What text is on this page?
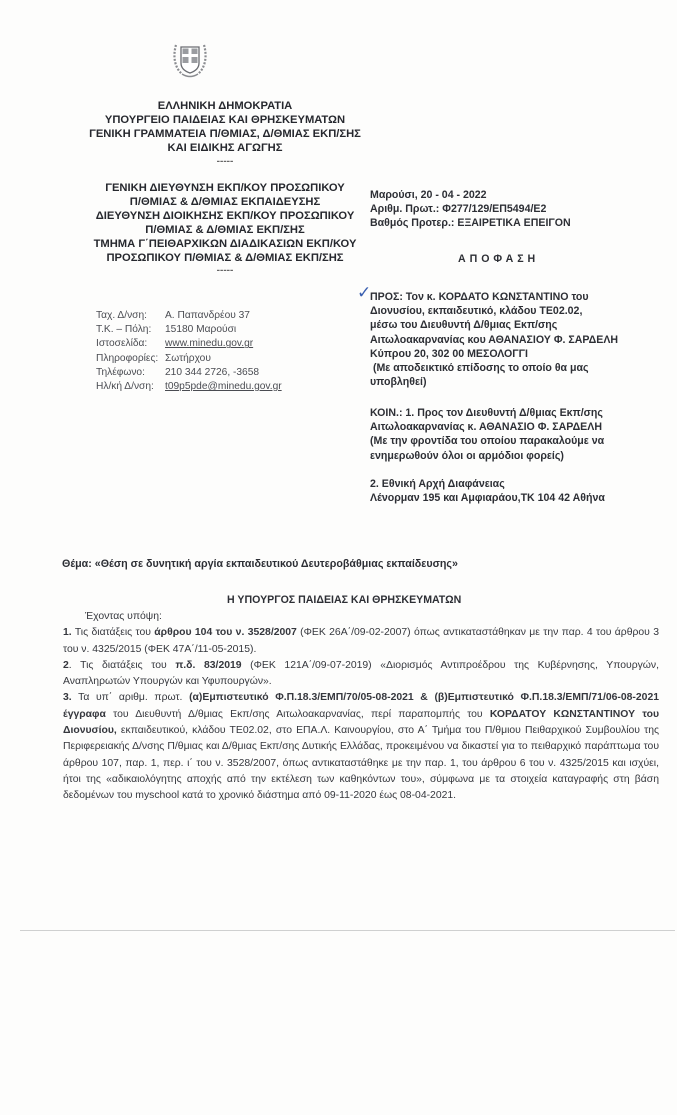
ΕΛΛΗΝΙΚΗ ΔΗΜΟΚΡΑΤΙΑ
ΥΠΟΥΡΓΕΙΟ ΠΑΙΔΕΙΑΣ ΚΑΙ ΘΡΗΣΚΕΥΜΑΤΩΝ
ΓΕΝΙΚΗ ΓΡΑΜΜΑΤΕΙΑ Π/ΘΜΙΑΣ, Δ/ΘΜΙΑΣ ΕΚΠ/ΣΗΣ
ΚΑΙ ΕΙΔΙΚΗΣ ΑΓΩΓΗΣ
-----
ΓΕΝΙΚΗ ΔΙΕΥΘΥΝΣΗ ΕΚΠ/ΚΟΥ ΠΡΟΣΩΠΙΚΟΥ
Π/ΘΜΙΑΣ & Δ/ΘΜΙΑΣ ΕΚΠΑΙΔΕΥΣΗΣ
ΔΙΕΥΘΥΝΣΗ ΔΙΟΙΚΗΣΗΣ ΕΚΠ/ΚΟΥ ΠΡΟΣΩΠΙΚΟΥ
Π/ΘΜΙΑΣ & Δ/ΘΜΙΑΣ ΕΚΠ/ΣΗΣ
ΤΜΗΜΑ Γ΄ΠΕΙΘΑΡΧΙΚΩΝ ΔΙΑΔΙΚΑΣΙΩΝ ΕΚΠ/ΚΟΥ
ΠΡΟΣΩΠΙΚΟΥ Π/ΘΜΙΑΣ & Δ/ΘΜΙΑΣ ΕΚΠ/ΣΗΣ
-----
Μαρούσι, 20 - 04 - 2022
Αριθμ. Πρωτ.: Φ277/129/ΕΠ5494/Ε2
Βαθμός Προτερ.: ΕΞΑΙΡΕΤΙΚΑ ΕΠΕΙΓΟΝ
Α Π Ο Φ Α Σ Η
Ταχ. Δ/νση: Α. Παπανδρέου 37
Τ.Κ. – Πόλη: 15180 Μαρούσι
Ιστοσελίδα: www.minedu.gov.gr
Πληροφορίες: Σωτήρχου
Τηλέφωνο: 210 344 2726, -3658
Ηλ/κή Δ/νση: t09p5pde@minedu.gov.gr
✓
ΠΡΟΣ: Τον κ. ΚΟΡΔΑΤΟ ΚΩΝΣΤΑΝΤΙΝΟ του
Διονυσίου, εκπαιδευτικό, κλάδου ΤΕ02.02,
μέσω του Διευθυντή Δ/θμιας Εκπ/σης
Αιτωλοακαρνανίας κου ΑΘΑΝΑΣΙΟΥ Φ. ΣΑΡΔΕΛΗ
Κύπρου 20, 302 00 ΜΕΣΟΛΟΓΓΙ
(Με αποδεικτικό επίδοσης το οποίο θα μας
υποβληθεί)
ΚΟΙΝ.: 1. Προς τον Διευθυντή Δ/θμιας Εκπ/σης
Αιτωλοακαρνανίας κ. ΑΘΑΝΑΣΙΟ Φ. ΣΑΡΔΕΛΗ
(Με την φροντίδα του οποίου παρακαλούμε να
ενημερωθούν όλοι οι αρμόδιοι φορείς)
2. Εθνική Αρχή Διαφάνειας
Λένορμαν 195 και Αμφιαράου,ΤΚ 104 42 Αθήνα
Θέμα: «Θέση σε δυνητική αργία εκπαιδευτικού Δευτεροβάθμιας εκπαίδευσης»
Η ΥΠΟΥΡΓΟΣ ΠΑΙΔΕΙΑΣ ΚΑΙ ΘΡΗΣΚΕΥΜΑΤΩΝ

Έχοντας υπόψη:

1. Τις διατάξεις του άρθρου 104 του ν. 3528/2007 (ΦΕΚ 26Α΄/09-02-2007) όπως αντικαταστάθηκαν με την παρ. 4 του άρθρου 3 του ν. 4325/2015 (ΦΕΚ 47Α΄/11-05-2015).

2. Τις διατάξεις του π.δ. 83/2019 (ΦΕΚ 121Α΄/09-07-2019) «Διορισμός Αντιπροέδρου της Κυβέρνησης, Υπουργών, Αναπληρωτών Υπουργών και Υφυπουργών».

3. Τα υπ΄ αριθμ. πρωτ. (α)Εμπιστευτικό Φ.Π.18.3/ΕΜΠ/70/05-08-2021 & (β)Εμπιστευτικό Φ.Π.18.3/ΕΜΠ/71/06-08-2021 έγγραφα του Διευθυντή Δ/θμιας Εκπ/σης Αιτωλοακαρνανίας, περί παραπομπής του ΚΟΡΔΑΤΟΥ ΚΩΝΣΤΑΝΤΙΝΟΥ του Διονυσίου, εκπαιδευτικού, κλάδου ΤΕ02.02, στο ΕΠΑ.Λ. Καινουργίου, στο Α΄ Τμήμα του Π/θμιου Πειθαρχικού Συμβουλίου της Περιφερειακής Δ/νσης Π/θμιας και Δ/θμιας Εκπ/σης Δυτικής Ελλάδας, προκειμένου να δικαστεί για το πειθαρχικό παράπτωμα του άρθρου 107, παρ. 1, περ. ι΄ του ν. 3528/2007, όπως αντικαταστάθηκε με την παρ. 1, του άρθρου 6 του ν. 4325/2015 και ισχύει, ήτοι της «αδικαιολόγητης αποχής από την εκτέλεση των καθηκόντων του», σύμφωνα με τα στοιχεία καταγραφής στη βάση δεδομένων του myschool κατά το χρονικό διάστημα από 09-11-2020 έως 08-04-2021.
